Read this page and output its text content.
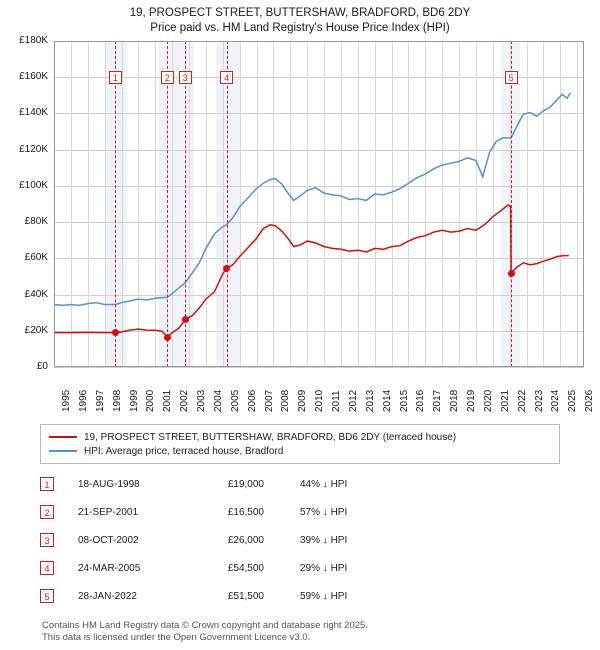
19, PROSPECT STREET, BUTTERSHAW, BRADFORD, BD6 2DY
Price paid vs. HM Land Registry's House Price Index (HPI)
£0
£20K
£40K
£60K
£80K
£100K
£120K
£140K
£160K
£180K
1	2	3	4	5
1995 1996 1997 1998 1999 2000 2001 2002 2003 2004 2005 2006 2007 2008 2009 2010 2011 2012 2013 2014 2015 2016 2017 2018 2019 2020 2021 2022 2023 2024 2025 2026
19, PROSPECT STREET, BUTTERSHAW, BRADFORD, BD6 2DY (terraced house)
HPI: Average price, terraced house, Bradford
1	18-AUG-1998	£19,000	44% ↓ HPI
2	21-SEP-2001	£16,500	57% ↓ HPI
3	08-OCT-2002	£26,000	39% ↓ HPI
4	24-MAR-2005	£54,500	29% ↓ HPI
5	28-JAN-2022	£51,500	59% ↓ HPI
Contains HM Land Registry data © Crown copyright and database right 2025.
This data is licensed under the Open Government Licence v3.0.
